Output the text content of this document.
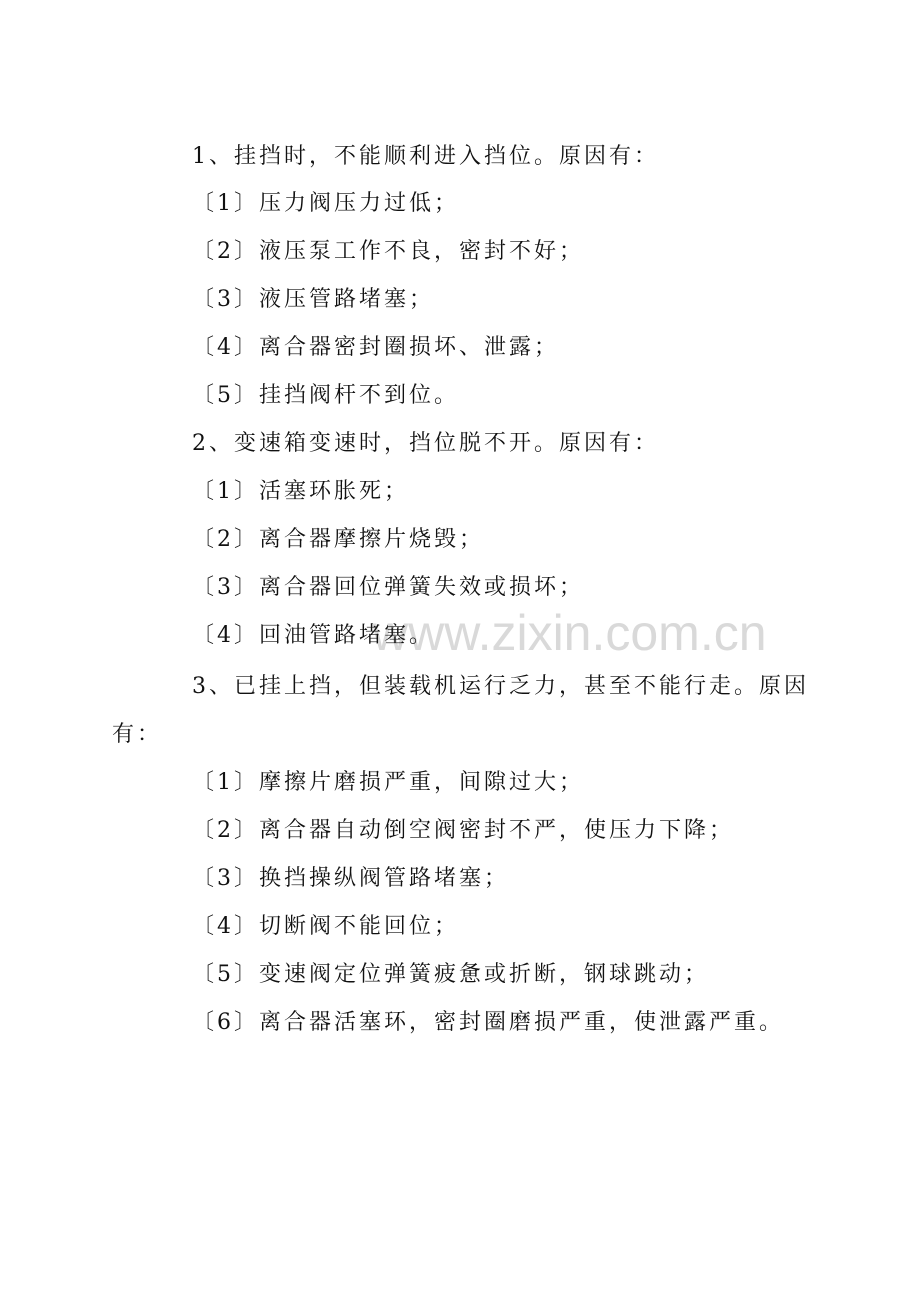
www.zixin.com.cn
1、挂挡时，不能顺利进入挡位。原因有：
〔1〕压力阀压力过低；
〔2〕液压泵工作不良，密封不好；
〔3〕液压管路堵塞；
〔4〕离合器密封圈损坏、泄露；
〔5〕挂挡阀杆不到位。
2、变速箱变速时，挡位脱不开。原因有：
〔1〕活塞环胀死；
〔2〕离合器摩擦片烧毁；
〔3〕离合器回位弹簧失效或损坏；
〔4〕回油管路堵塞。
3、已挂上挡，但装载机运行乏力，甚至不能行走。原因
有：
〔1〕摩擦片磨损严重，间隙过大；
〔2〕离合器自动倒空阀密封不严，使压力下降；
〔3〕换挡操纵阀管路堵塞；
〔4〕切断阀不能回位；
〔5〕变速阀定位弹簧疲惫或折断，钢球跳动；
〔6〕离合器活塞环，密封圈磨损严重，使泄露严重。
